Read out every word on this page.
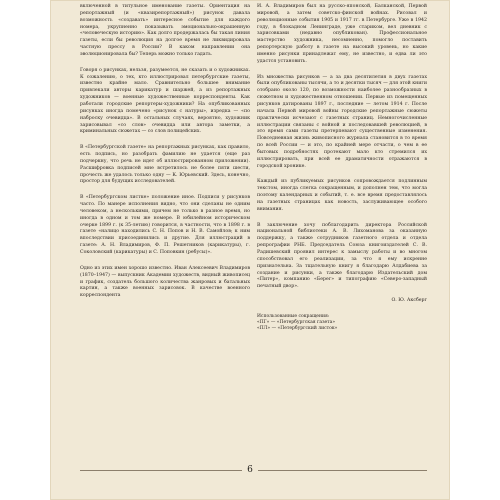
включенной в титульное именование газеты. Ориентация на репортажный (и «квазирепортажный») рисунок давала возможность «создавать» интересное событие для каждого номера, укрупненно показывать эмоционально-окрашенную «человеческую историю». Как долго продержалась бы такая линия газеты, если бы революция на долгое время не ликвидировала частную прессу в России? В каком направлении она эволюционировала бы? Теперь можно только гадать.

Говоря о рисунках, нельзя, разумеется, не сказать и о художниках. К сожалению, о тех, кто иллюстрировал петербургские газеты, известно крайне мало. Сравнительно большее внимание привлекали авторы карикатур и шаржей, а из репортажных художников — военные художественные корреспонденты. Как работали городские репортеры-художники? На опубликованных рисунках иногда помечено «рисунок с натуры», изредка — «по наброску очевидца». В остальных случаях, вероятно, художник зарисовывал «со слов» очевидца или автора заметки, а криминальных сюжетах — со слов полицейских.

В «Петербургской газете» на репортажных рисунках, как правило, есть подпись, но разобрать фамилию не удается (еще раз подчеркну, что речь не идет об иллюстрированном приложении). Расшифровка подписей мне встретилось не более пяти шести, прочесть же удалось только одну — К. Юрьевский. Здесь, конечно, простор для будущих исследователей.

В «Петербургском листке» положение иное. Подписи у рисунков часто. По манере исполнения видно, что они сделаны не одним человеком, а несколькими, причем не только в разное время, но иногда в одном и том же номере. В юбилейном историческом очерке 1899 г. (к 35-летию) говорится, в частности, что в 1898 г. в газете «налицо находились С. Н. Попов и Н. В. Самойлов; к ним впоследствии присоединились и другие. Для иллюстраций в газете: А. Н. Владимиров, Ф. П. Решетников (карикатуры), г. Соколовский (карикатуры) и С. Поповкин (ребусы)».

Одно из этих имен хорошо известно. Иван Алексеевич Владимиров (1870–1947) — выпускник Академии художеств, видный живописец и график, создатель большого количества жанровых и батальных картин, а также военных зарисовок. В качестве военного корреспондента

И. А. Владимиров был на русско-японской, Балканской, Первой мировой, а затем советско-финской войнах. Рисовал и революционные события 1905 и 1917 гг. в Петербурге. Уже в 1942 году, в блокадном Ленинграде, уже стариком, вел дневник с зарисовками (недавно опубликован). Профессиональное мастерство художника, несомненно, помогло поставить репортерскую работу в газете на высокий уровень, но какие именно рисунки принадлежат ему, не известно, и едва ли это удастся установить.

Из множества рисунков — а за два десятилетия в двух газетах были опубликованы тысячи, а то и десятки тысяч — для этой книги отобрано около 120, по возможности наиболее разнообразных в сюжетном и художественном отношении. Первые из помещенных рисунков датированы 1897 г., последние — летом 1914 г. После начала Первой мировой войны городские репортажные сюжеты практически исчезают с газетных страниц. Немногочисленные иллюстрации связаны с войной и последовавшей революцией, в это время сами газеты претерпевают существенные изменения. Повседневная жизнь живописного журнала становится в то время по всей России — и это, по крайней мере отчасти, о чем в ее бытовых подробностях протекают мало кто стремился их иллюстрировать, при всей ее драматичности отражаются в городской хронике.

Каждый из публикуемых рисунков сопровождается подлинным текстом, иногда слегка сокращенным, и дополнен тем, что могла поэтому календарных и событий, т. е. все время предоставлялось на газетных страницах как новость, заслуживающее особого внимания.

В заключение хочу поблагодарить директора Российской национальной библиотеки А. В. Лихоманова за оказанную поддержку, а также сотрудников газетного отдела и отдела репрографии РНБ. Председатель Союза книгоиздателей С. В. Радишевский проявил интерес к замыслу работы и во многом способствовал его реализации, за что я ему искренне признательна. За тщательную книгу я благодарю Алдабиева за создание и рисунки, а также благодарю Издательский дом «Питер», компанию «Берег» и типографию «Северо-западный печатный двор».

О. Ю. Аксберг

Использованные сокращения:

«ПГ» — «Петербургская газета»

«ПЛ» — «Петербургский листок»

6
